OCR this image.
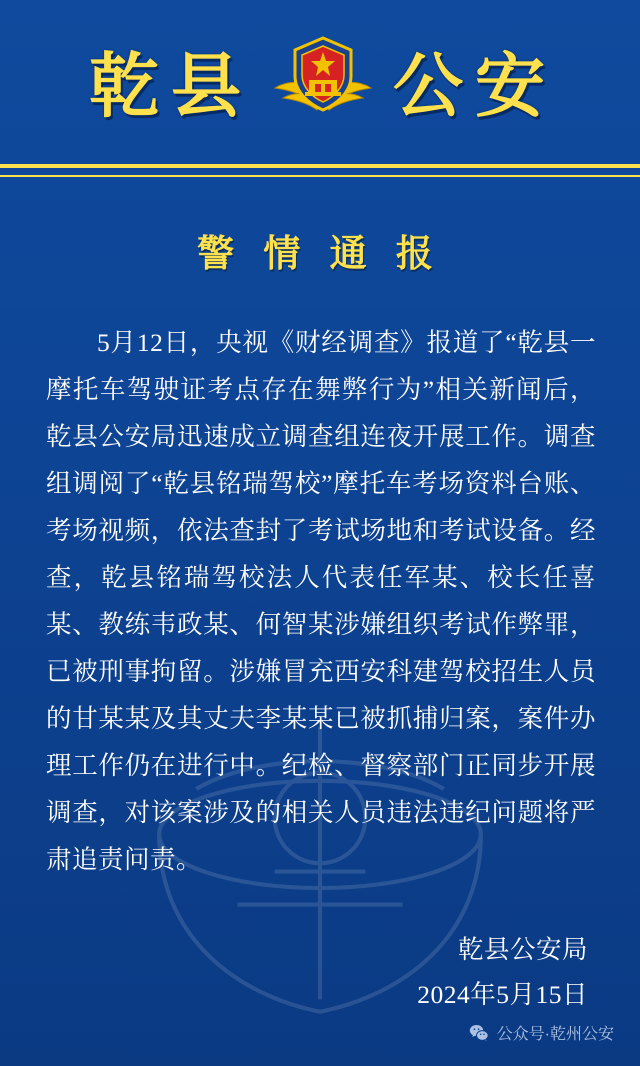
乾县 公安
警 情 通 报
5月12日，央视《财经调查》报道了“乾县一摩托车驾驶证考点存在舞弊行为”相关新闻后，乾县公安局迅速成立调查组连夜开展工作。调查组调阅了“乾县铭瑞驾校”摩托车考场资料台账、考场视频，依法查封了考试场地和考试设备。经查，乾县铭瑞驾校法人代表任军某、校长任喜某、教练韦政某、何智某涉嫌组织考试作弊罪，已被刑事拘留。涉嫌冒充西安科建驾校招生人员的甘某某及其丈夫李某某已被抓捕归案，案件办理工作仍在进行中。纪检、督察部门正同步开展调查，对该案涉及的相关人员违法违纪问题将严肃追责问责。
乾县公安局
2024年5月15日
公众号·乾州公安
